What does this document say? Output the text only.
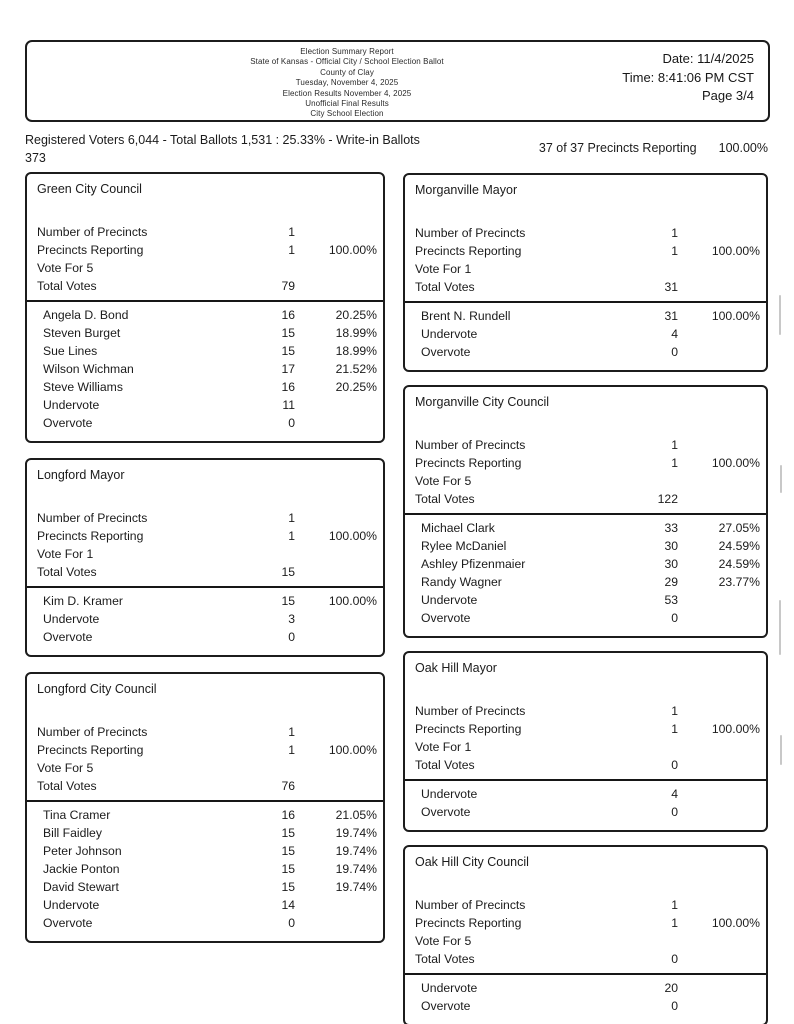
Election Summary Report
State of Kansas - Official City / School Election Ballot
County of Clay
Tuesday, November 4, 2025
Election Results November 4, 2025
Unofficial Final Results
City School Election
Date: 11/4/2025
Time: 8:41:06 PM CST
Page 3/4
Registered Voters 6,044 - Total Ballots 1,531 : 25.33% - Write-in Ballots
373
37 of 37 Precincts Reporting 100.00%
Green City Council
Number of Precincts	1
Precincts Reporting	1	100.00%
Vote For 5
Total Votes	79
Angela D. Bond	16	20.25%
Steven Burget	15	18.99%
Sue Lines	15	18.99%
Wilson Wichman	17	21.52%
Steve Williams	16	20.25%
Undervote	11
Overvote	0
Longford Mayor
Number of Precincts	1
Precincts Reporting	1	100.00%
Vote For 1
Total Votes	15
Kim D. Kramer	15	100.00%
Undervote	3
Overvote	0
Longford City Council
Number of Precincts	1
Precincts Reporting	1	100.00%
Vote For 5
Total Votes	76
Tina Cramer	16	21.05%
Bill Faidley	15	19.74%
Peter Johnson	15	19.74%
Jackie Ponton	15	19.74%
David Stewart	15	19.74%
Undervote	14
Overvote	0
Morganville Mayor
Number of Precincts	1
Precincts Reporting	1	100.00%
Vote For 1
Total Votes	31
Brent N. Rundell	31	100.00%
Undervote	4
Overvote	0
Morganville City Council
Number of Precincts	1
Precincts Reporting	1	100.00%
Vote For 5
Total Votes	122
Michael Clark	33	27.05%
Rylee McDaniel	30	24.59%
Ashley Pfizenmaier	30	24.59%
Randy Wagner	29	23.77%
Undervote	53
Overvote	0
Oak Hill Mayor
Number of Precincts	1
Precincts Reporting	1	100.00%
Vote For 1
Total Votes	0
Undervote	4
Overvote	0
Oak Hill City Council
Number of Precincts	1
Precincts Reporting	1	100.00%
Vote For 5
Total Votes	0
Undervote	20
Overvote	0
